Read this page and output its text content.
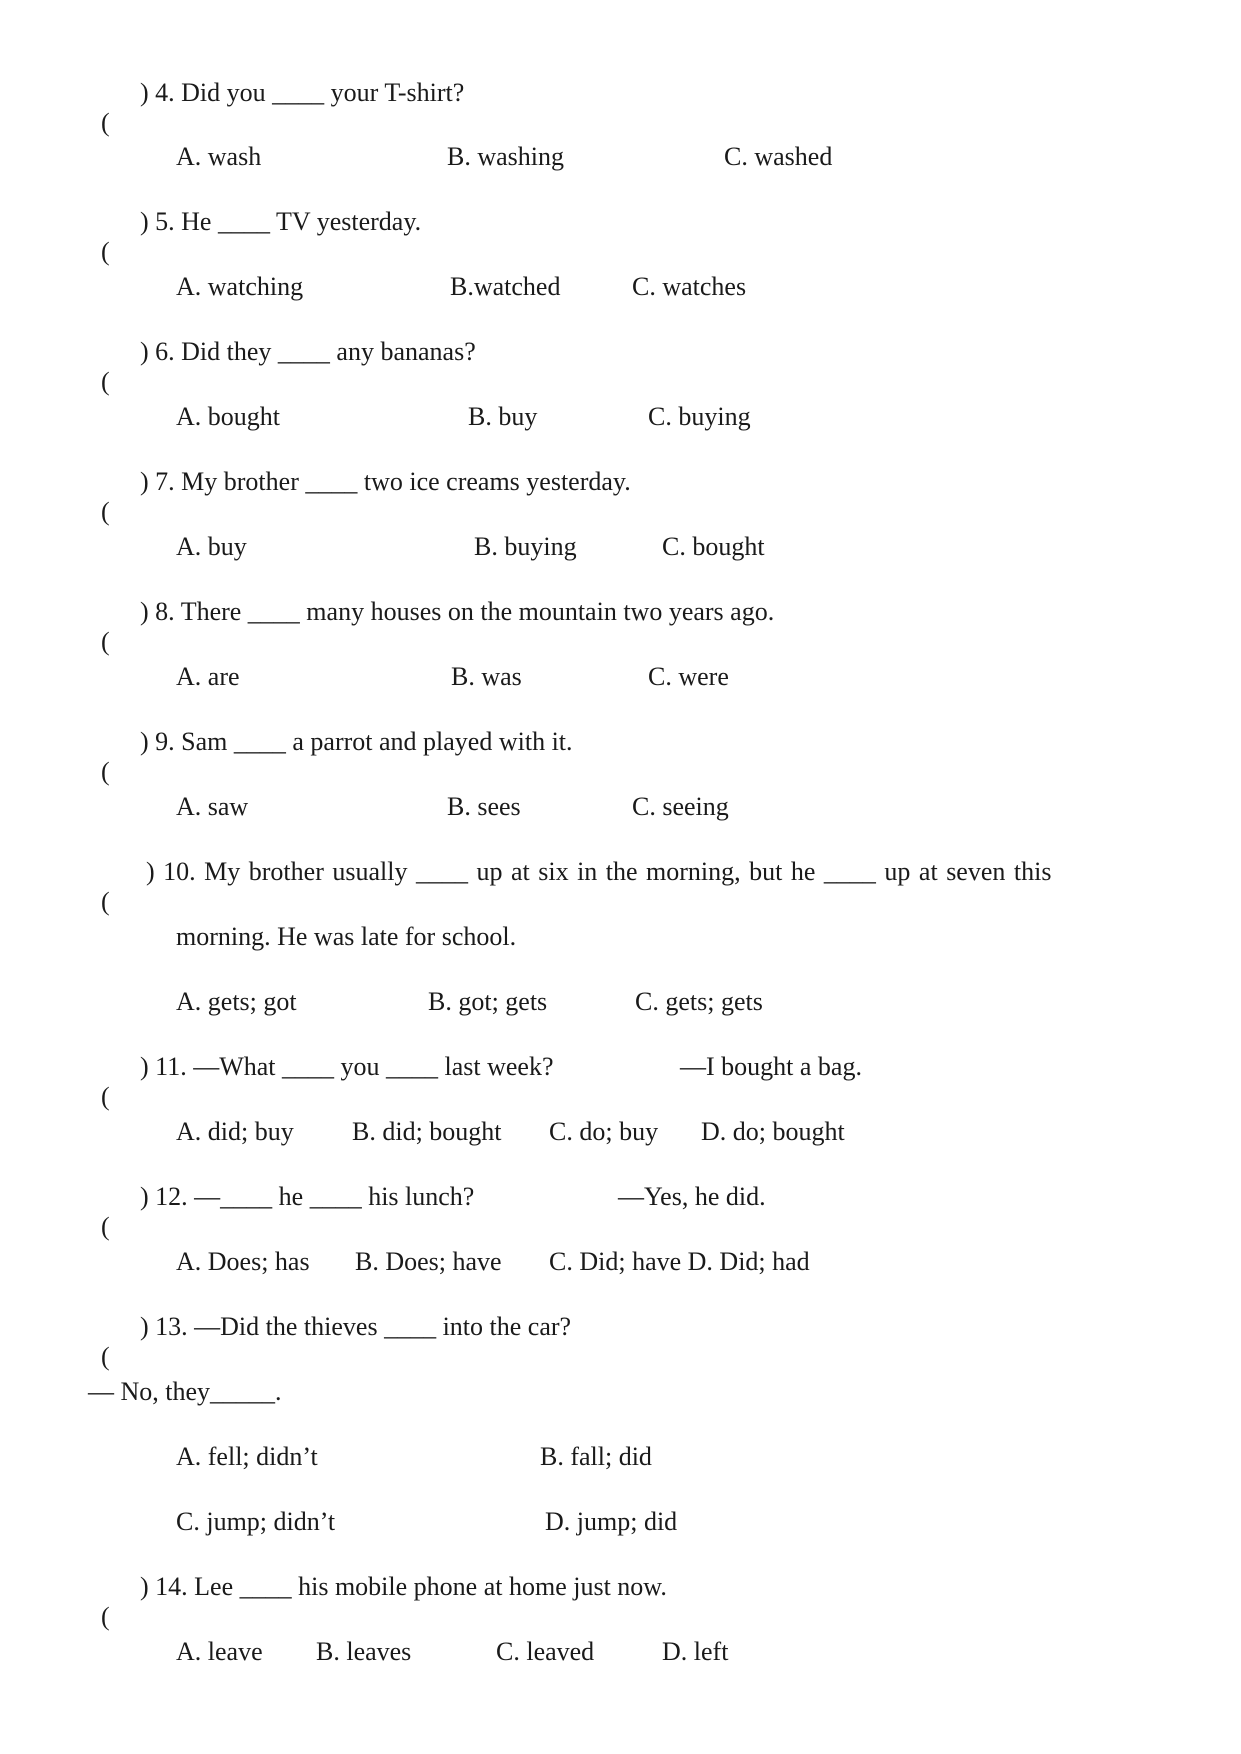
(

) 4. Did you ____ your T-shirt?
A. wash	B. washing	C. washed

(

) 5. He ____ TV yesterday.
A. watching	B.watched	C. watches

(

) 6. Did they ____ any bananas?
A. bought	B. buy	C. buying

(

) 7. My brother ____ two ice creams yesterday.
A. buy	B. buying	C. bought

(

) 8. There ____ many houses on the mountain two years ago.
A. are	B. was	C. were

(

) 9. Sam ____ a parrot and played with it.
A. saw	B. sees	C. seeing

(

) 10. My brother usually ____ up at six in the morning, but he ____ up at seven this
morning. He was late for school.
A. gets; got	B. got; gets	C. gets; gets

(

) 11. —What ____ you ____ last week?	—I bought a bag.
A. did; buy B. did; bought C. do; buy D. do; bought

(

) 12. —____ he ____ his lunch?	—Yes, he did.
A. Does; has B. Does; have C. Did; have D. Did; had

(

) 13. —Did the thieves ____ into the car?
— No, they_____.
A. fell; didn’t	B. fall; did
C. jump; didn’t	D. jump; did

(

) 14. Lee ____ his mobile phone at home just now.
A. leave B. leaves	C. leaved	D. left
